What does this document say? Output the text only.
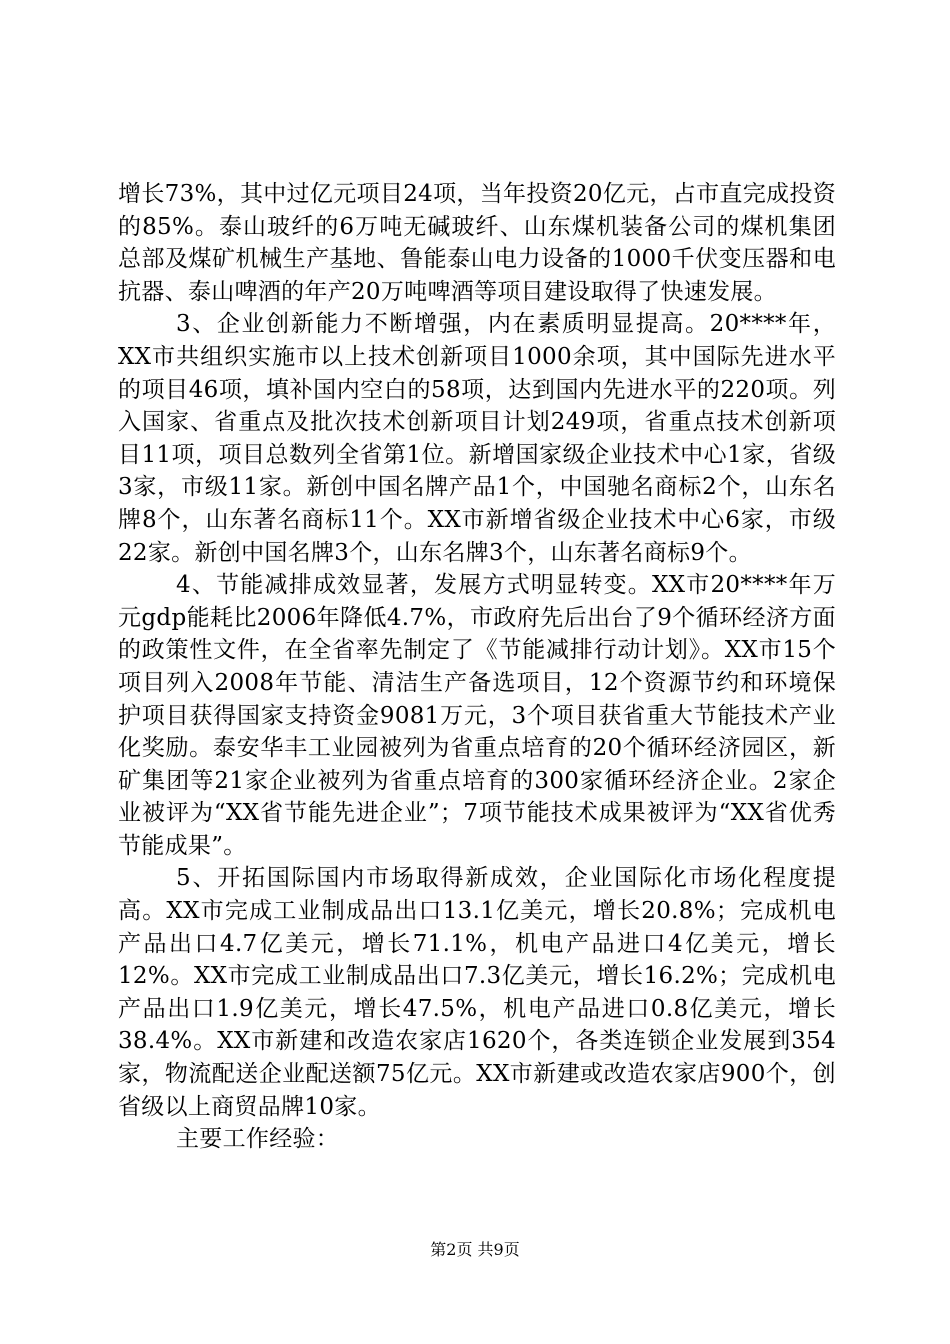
增长73%，其中过亿元项目24项，当年投资20亿元，占市直完成投资的85%。泰山玻纤的6万吨无碱玻纤、山东煤机装备公司的煤机集团总部及煤矿机械生产基地、鲁能泰山电力设备的1000千伏变压器和电抗器、泰山啤酒的年产20万吨啤酒等项目建设取得了快速发展。

3、企业创新能力不断增强，内在素质明显提高。20****年，XX市共组织实施市以上技术创新项目1000余项，其中国际先进水平的项目46项，填补国内空白的58项，达到国内先进水平的220项。列入国家、省重点及批次技术创新项目计划249项，省重点技术创新项目11项，项目总数列全省第1位。新增国家级企业技术中心1家，省级3家，市级11家。新创中国名牌产品1个，中国驰名商标2个，山东名牌8个，山东著名商标11个。XX市新增省级企业技术中心6家，市级22家。新创中国名牌3个，山东名牌3个，山东著名商标9个。

4、节能减排成效显著，发展方式明显转变。XX市20****年万元gdp能耗比2006年降低4.7%，市政府先后出台了9个循环经济方面的政策性文件，在全省率先制定了《节能减排行动计划》。XX市15个项目列入2008年节能、清洁生产备选项目，12个资源节约和环境保护项目获得国家支持资金9081万元，3个项目获省重大节能技术产业化奖励。泰安华丰工业园被列为省重点培育的20个循环经济园区，新矿集团等21家企业被列为省重点培育的300家循环经济企业。2家企业被评为“XX省节能先进企业”；7项节能技术成果被评为“XX省优秀节能成果”。

5、开拓国际国内市场取得新成效，企业国际化市场化程度提高。XX市完成工业制成品出口13.1亿美元，增长20.8%；完成机电产品出口4.7亿美元，增长71.1%，机电产品进口4亿美元，增长12%。XX市完成工业制成品出口7.3亿美元，增长16.2%；完成机电产品出口1.9亿美元，增长47.5%，机电产品进口0.8亿美元，增长38.4%。XX市新建和改造农家店1620个，各类连锁企业发展到354家，物流配送企业配送额75亿元。XX市新建或改造农家店900个，创省级以上商贸品牌10家。

主要工作经验：

第2页 共9页
